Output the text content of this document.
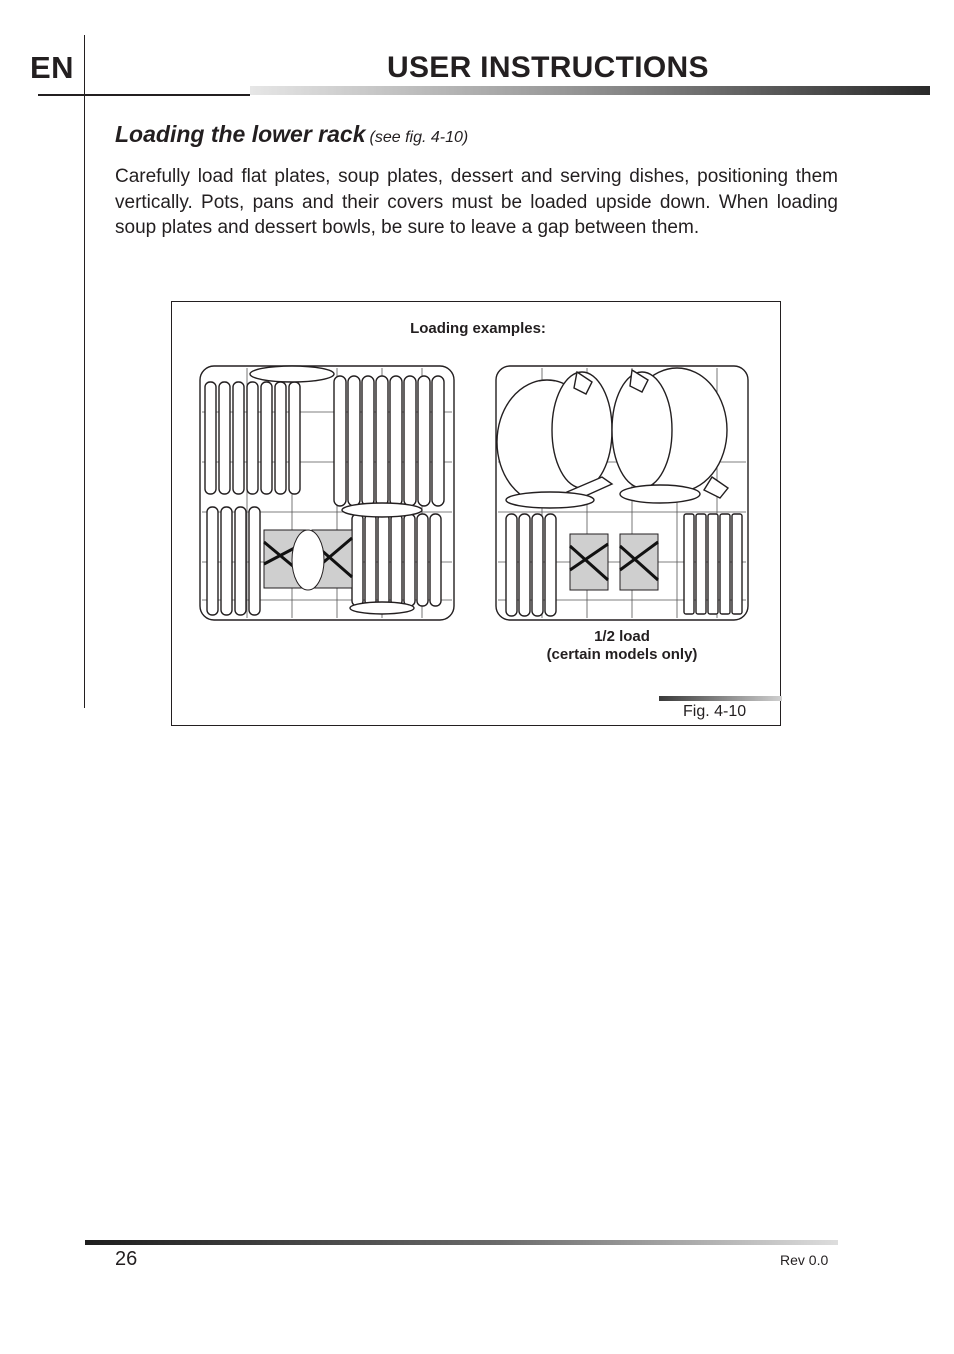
EN	USER INSTRUCTIONS
Loading the lower rack (see fig. 4-10)
Carefully load flat plates, soup plates, dessert and serving dishes, positioning them vertically. Pots, pans and their covers must be loaded upside down. When loading soup plates and dessert bowls, be sure to leave a gap between them.
Loading examples:
1/2 load
(certain models only)
Fig. 4-10
26	Rev 0.0
